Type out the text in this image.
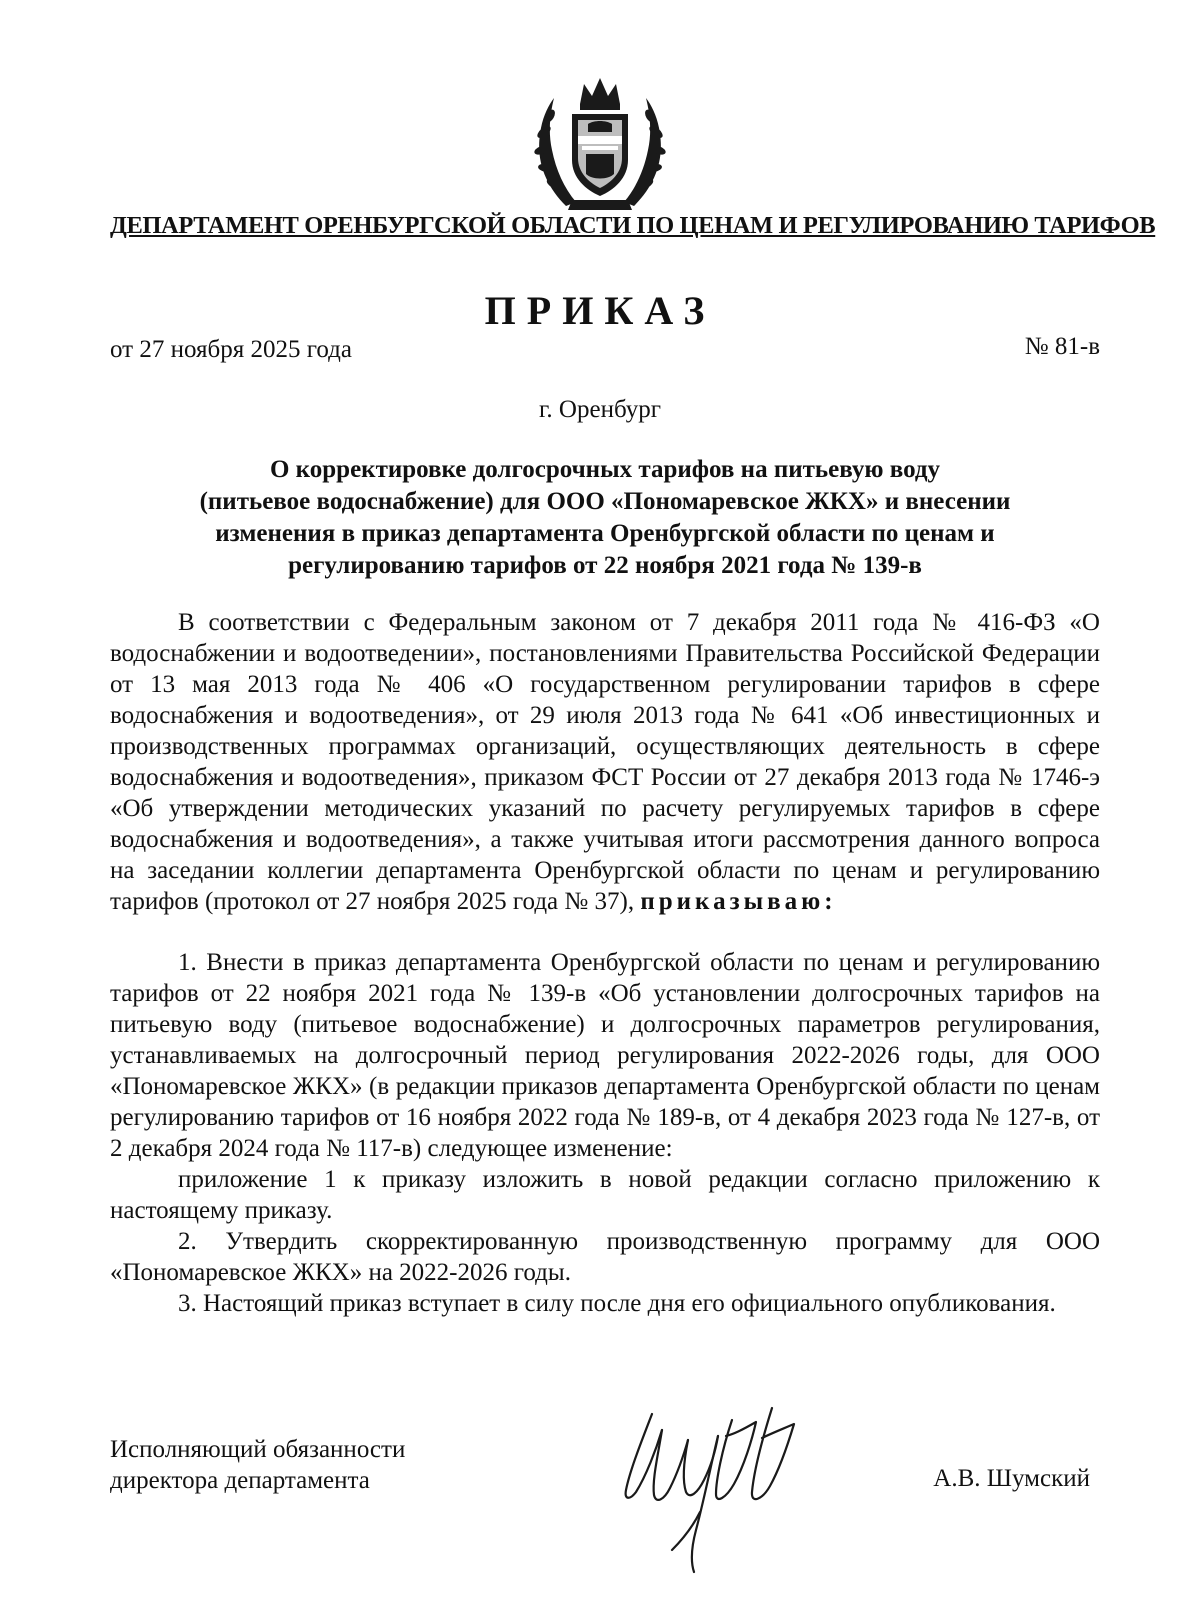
ДЕПАРТАМЕНТ ОРЕНБУРГСКОЙ ОБЛАСТИ ПО ЦЕНАМ И РЕГУЛИРОВАНИЮ ТАРИФОВ
ПРИКАЗ
от 27 ноября 2025 года	№ 81-в
г. Оренбург
О корректировке долгосрочных тарифов на питьевую воду
(питьевое водоснабжение) для ООО «Пономаревское ЖКХ» и внесении
изменения в приказ департамента Оренбургской области по ценам и
регулированию тарифов от 22 ноября 2021 года № 139-в

В соответствии с Федеральным законом от 7 декабря 2011 года № 416-ФЗ «О водоснабжении и водоотведении», постановлениями Правительства Российской Федерации от 13 мая 2013 года № 406 «О государственном регулировании тарифов в сфере водоснабжения и водоотведения», от 29 июля 2013 года № 641 «Об инвестиционных и производственных программах организаций, осуществляющих деятельность в сфере водоснабжения и водоотведения», приказом ФСТ России от 27 декабря 2013 года № 1746-э «Об утверждении методических указаний по расчету регулируемых тарифов в сфере водоснабжения и водоотведения», а также учитывая итоги рассмотрения данного вопроса на заседании коллегии департамента Оренбургской области по ценам и регулированию тарифов (протокол от 27 ноября 2025 года № 37), приказываю:

1. Внести в приказ департамента Оренбургской области по ценам и регулированию тарифов от 22 ноября 2021 года № 139-в «Об установлении долгосрочных тарифов на питьевую воду (питьевое водоснабжение) и долгосрочных параметров регулирования, устанавливаемых на долгосрочный период регулирования 2022-2026 годы, для ООО «Пономаревское ЖКХ» (в редакции приказов департамента Оренбургской области по ценам регулированию тарифов от 16 ноября 2022 года № 189-в, от 4 декабря 2023 года № 127-в, от 2 декабря 2024 года № 117-в) следующее изменение:

приложение 1 к приказу изложить в новой редакции согласно приложению к настоящему приказу.

2. Утвердить скорректированную производственную программу для ООО «Пономаревское ЖКХ» на 2022-2026 годы.

3. Настоящий приказ вступает в силу после дня его официального опубликования.

Исполняющий обязанности
директора департамента	А.В. Шумский
